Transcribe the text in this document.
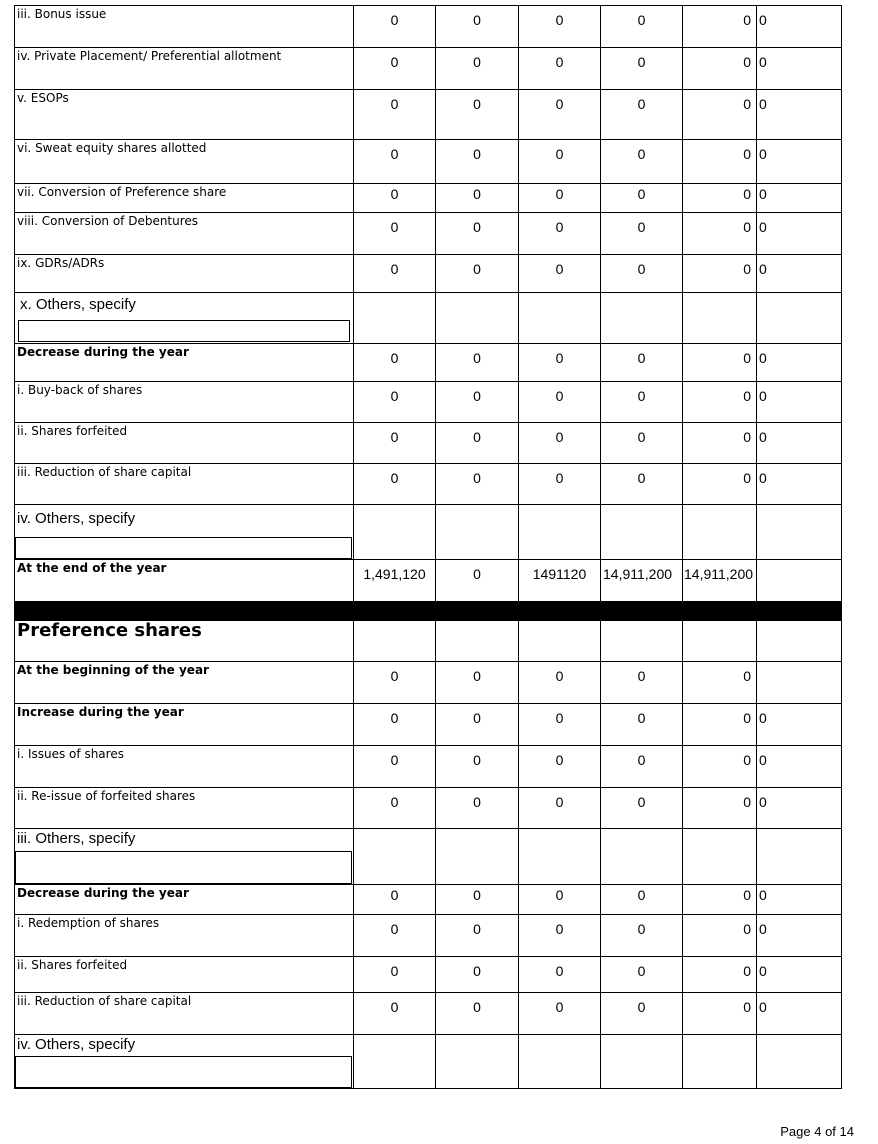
iii. Bonus issue	0	0	0	0	0	0

iv. Private Placement/ Preferential allotment	0	0	0	0	0	0

v. ESOPs	0	0	0	0	0	0

vi. Sweat equity shares allotted	0	0	0	0	0	0

vii. Conversion of Preference share	0	0	0	0	0	0

viii. Conversion of Debentures	0	0	0	0	0	0

ix. GDRs/ADRs	0	0	0	0	0	0

x. Others, specify						

Decrease during the year	0	0	0	0	0	0

i. Buy-back of shares	0	0	0	0	0	0

ii. Shares forfeited	0	0	0	0	0	0

iii. Reduction of share capital	0	0	0	0	0	0

iv. Others, specify						

At the end of the year	1,491,120	0	1491120	14,911,200	14,911,200	

Preference shares						

At the beginning of the year	0	0	0	0	0	

Increase during the year	0	0	0	0	0	0

i. Issues of shares	0	0	0	0	0	0

ii. Re-issue of forfeited shares	0	0	0	0	0	0

iii. Others, specify						

Decrease during the year	0	0	0	0	0	0

i. Redemption of shares	0	0	0	0	0	0

ii. Shares forfeited	0	0	0	0	0	0

iii. Reduction of share capital	0	0	0	0	0	0

iv. Others, specify						

Page 4 of 14
